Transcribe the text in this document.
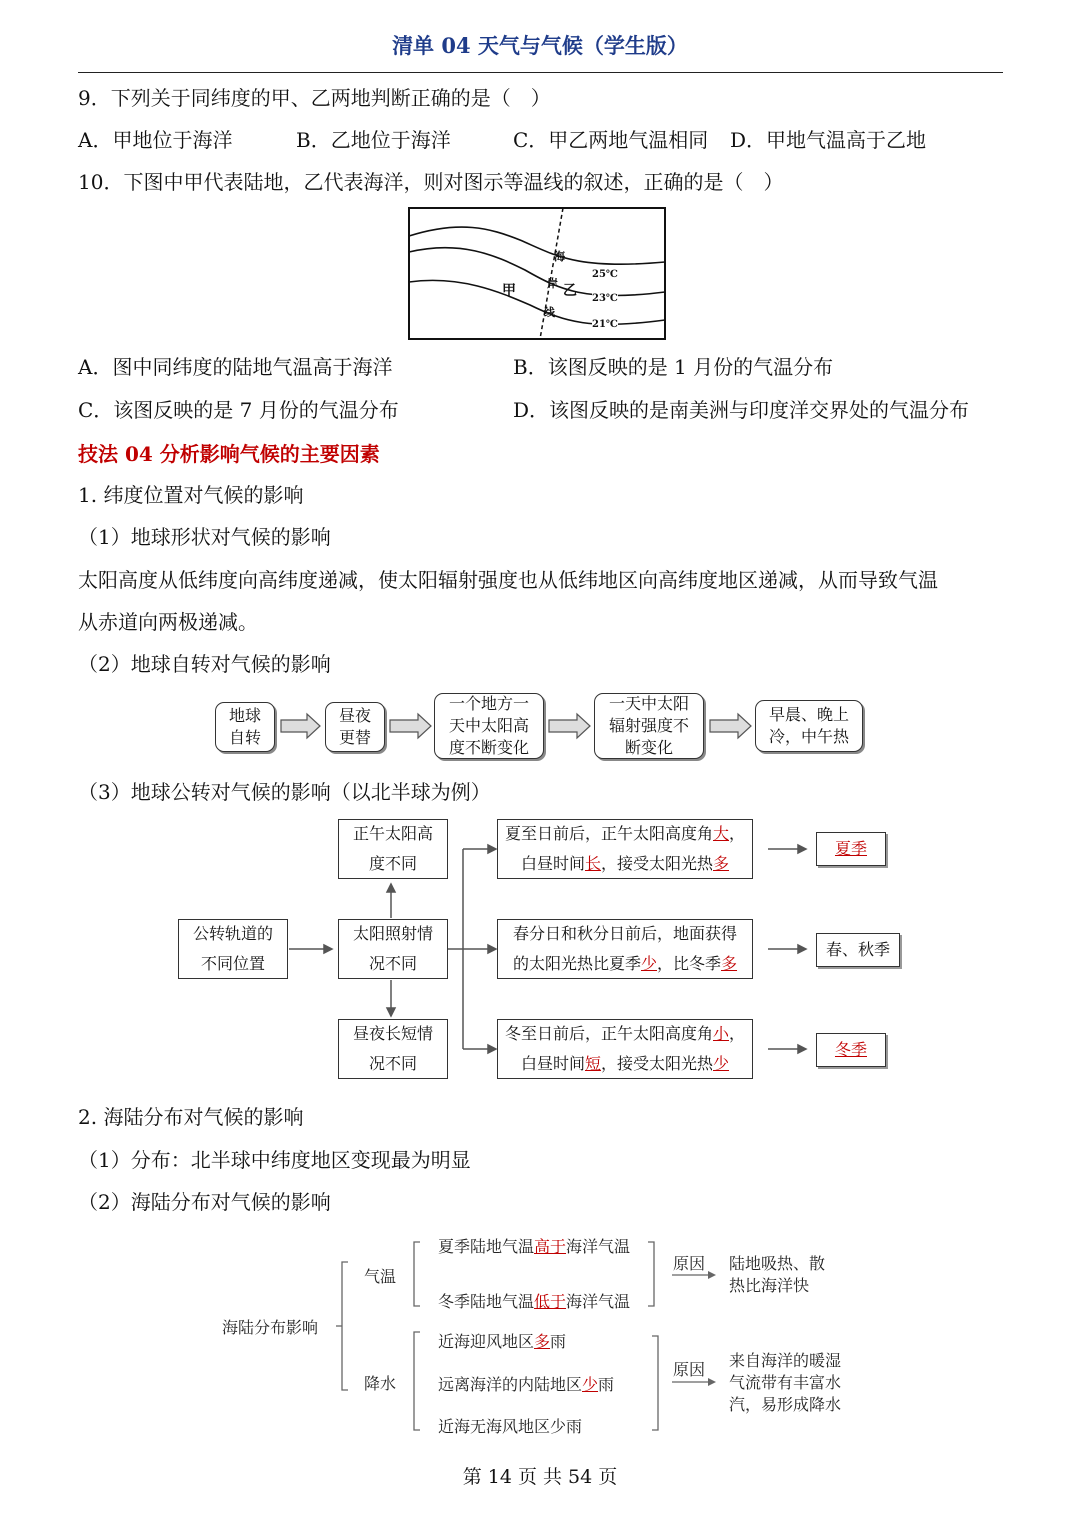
清单 04 天气与气候（学生版）
9．下列关于同纬度的甲、乙两地判断正确的是（　）
A．甲地位于海洋	B．乙地位于海洋	C．甲乙两地气温相同 D．甲地气温高于乙地
10．下图中甲代表陆地，乙代表海洋，则对图示等温线的叙述，正确的是（　）
甲	乙
海
岸
线
25℃
23℃
21℃
A．图中同纬度的陆地气温高于海洋	B．该图反映的是 1 月份的气温分布
C．该图反映的是 7 月份的气温分布	D．该图反映的是南美洲与印度洋交界处的气温分布
技法 04 分析影响气候的主要因素
1. 纬度位置对气候的影响
（1）地球形状对气候的影响
太阳高度从低纬度向高纬度递减，使太阳辐射强度也从低纬地区向高纬度地区递减，从而导致气温
从赤道向两极递减。
（2）地球自转对气候的影响
地球
自转
昼夜
更替
一个地方一
天中太阳高
度不断变化
一天中太阳
辐射强度不
断变化
早晨、晚上
冷，中午热
（3）地球公转对气候的影响（以北半球为例）
公转轨道的
不同位置
正午太阳高
度不同
太阳照射情
况不同
昼夜长短情
况不同
夏至日前后，正午太阳高度角大，
白昼时间长，接受太阳光热多
春分日和秋分日前后，地面获得
的太阳光热比夏季少，比冬季多
冬至日前后，正午太阳高度角小，
白昼时间短，接受太阳光热少
夏季
春、秋季
冬季
2. 海陆分布对气候的影响
（1）分布：北半球中纬度地区变现最为明显
（2）海陆分布对气候的影响
海陆分布影响
气温
降水
夏季陆地气温高于海洋气温
冬季陆地气温低于海洋气温
原因 陆地吸热、散
热比海洋快
近海迎风地区多雨
远离海洋的内陆地区少雨
近海无海风地区少雨
原因 来自海洋的暖湿
气流带有丰富水
汽，易形成降水
第 14 页 共 54 页
